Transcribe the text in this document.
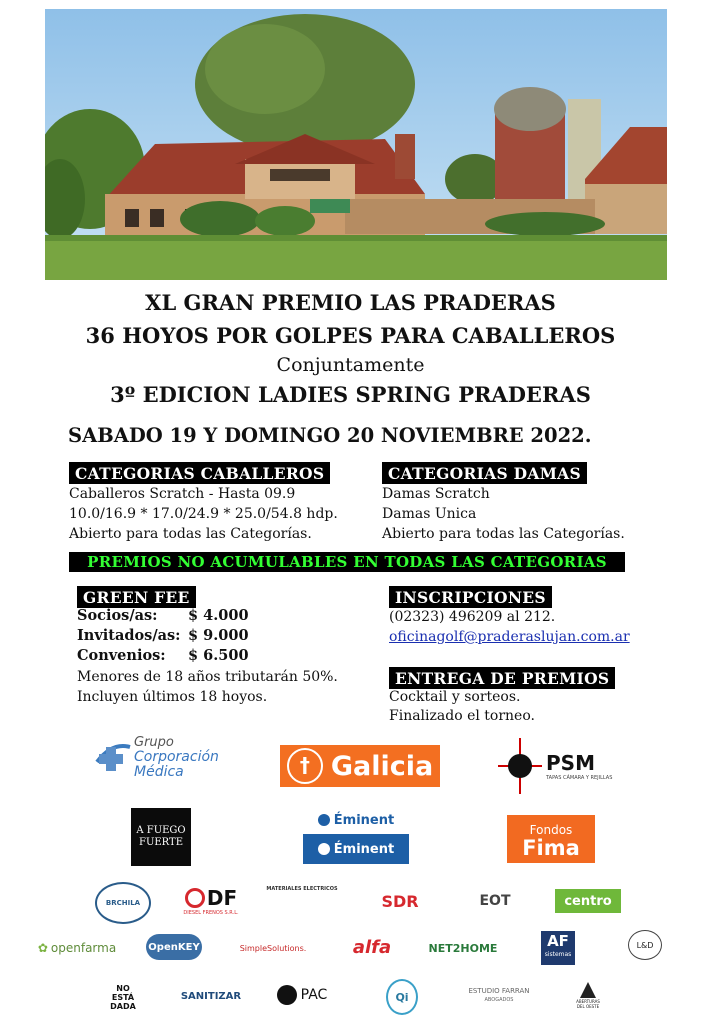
XL GRAN PREMIO LAS PRADERAS
36 HOYOS POR GOLPES PARA CABALLEROS
Conjuntamente
3º EDICION LADIES SPRING PRADERAS
SABADO 19 Y DOMINGO 20 NOVIEMBRE 2022.
CATEGORIAS CABALLEROS
Caballeros Scratch - Hasta 09.9
10.0/16.9 * 17.0/24.9 * 25.0/54.8 hdp.
Abierto para todas las Categorías.
CATEGORIAS DAMAS
Damas Scratch
Damas Unica
Abierto para todas las Categorías.
PREMIOS NO ACUMULABLES EN TODAS LAS CATEGORIAS
GREEN FEE
Socios/as: $ 4.000
Invitados/as: $ 9.000
Convenios: $ 6.500
Menores de 18 años tributarán 50%.
Incluyen últimos 18 hoyos.
INSCRIPCIONES
(02323) 496209 al 212.
oficinagolf@praderaslujan.com.ar
ENTREGA DE PREMIOS
Cocktail y sorteos.
Finalizado el torneo.
Grupo
Corporación
Médica	† Galicia	PSM
TAPAS CÁMARA Y REJILLAS
A FUEGO
FUERTE
Éminent
Éminent
Fondos
Fima
BRCHILA	DF
DIESEL FRENOS S.R.L.
MATERIALES ELECTRICOS
SDR	EOT	centro
✿ openfarma	OpenKEY	SimpleSolutions.	alfa	NET2HOME	AF
sistemas
L&D
NO
ESTÁ
DADA
SANITIZAR	PAC	Qi	ESTUDIO FARRAN
ABOGADOS	ABERTURAS DEL OESTE
